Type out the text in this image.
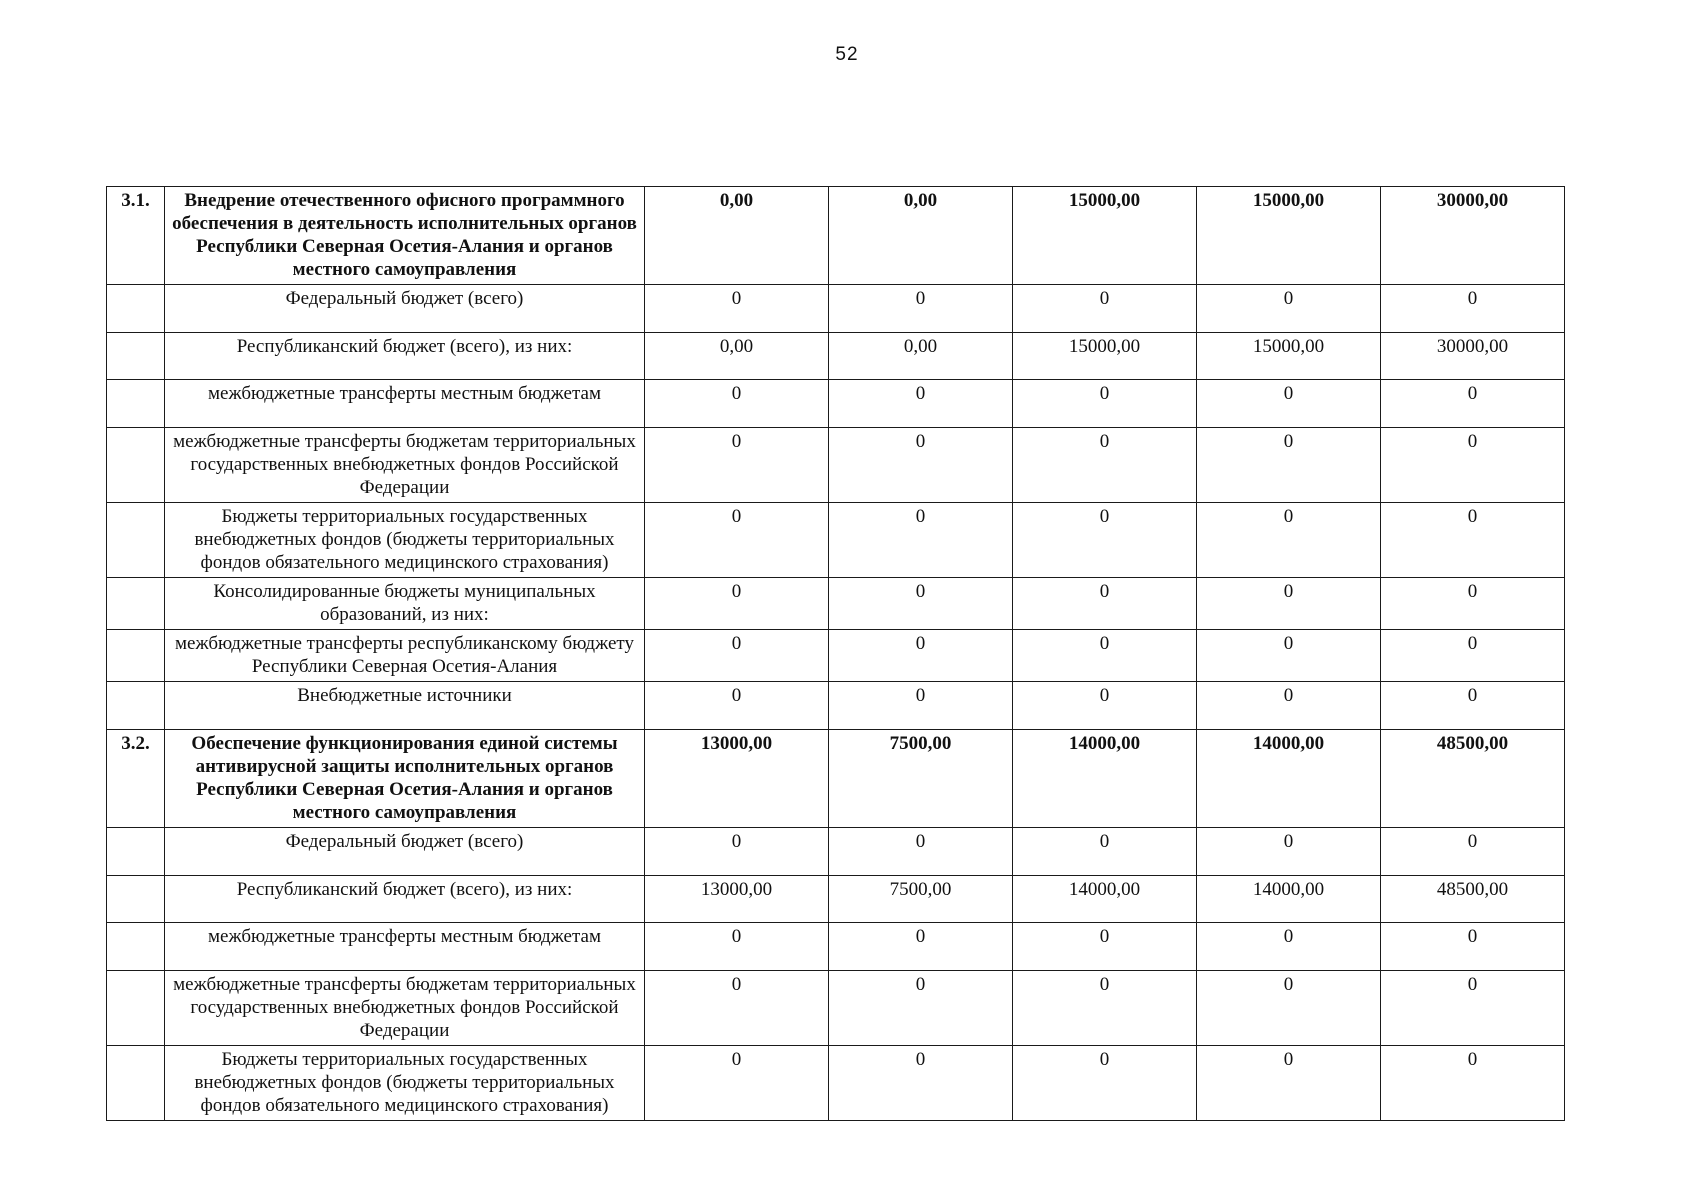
52
3.1.	Внедрение отечественного офисного программного обеспечения в деятельность исполнительных органов Республики Северная Осетия-Алания и органов местного самоуправления	0,00	0,00	15000,00	15000,00	30000,00
	Федеральный бюджет (всего)	0	0	0	0	0
	Республиканский бюджет (всего), из них:	0,00	0,00	15000,00	15000,00	30000,00
	межбюджетные трансферты местным бюджетам	0	0	0	0	0
	межбюджетные трансферты бюджетам территориальных государственных внебюджетных фондов Российской Федерации	0	0	0	0	0
	Бюджеты территориальных государственных внебюджетных фондов (бюджеты территориальных фондов обязательного медицинского страхования)	0	0	0	0	0
	Консолидированные бюджеты муниципальных образований, из них:	0	0	0	0	0
	межбюджетные трансферты республиканскому бюджету Республики Северная Осетия-Алания	0	0	0	0	0
	Внебюджетные источники	0	0	0	0	0
3.2.	Обеспечение функционирования единой системы антивирусной защиты исполнительных органов Республики Северная Осетия-Алания и органов местного самоуправления	13000,00	7500,00	14000,00	14000,00	48500,00
	Федеральный бюджет (всего)	0	0	0	0	0
	Республиканский бюджет (всего), из них:	13000,00	7500,00	14000,00	14000,00	48500,00
	межбюджетные трансферты местным бюджетам	0	0	0	0	0
	межбюджетные трансферты бюджетам территориальных государственных внебюджетных фондов Российской Федерации	0	0	0	0	0
	Бюджеты территориальных государственных внебюджетных фондов (бюджеты территориальных фондов обязательного медицинского страхования)	0	0	0	0	0
